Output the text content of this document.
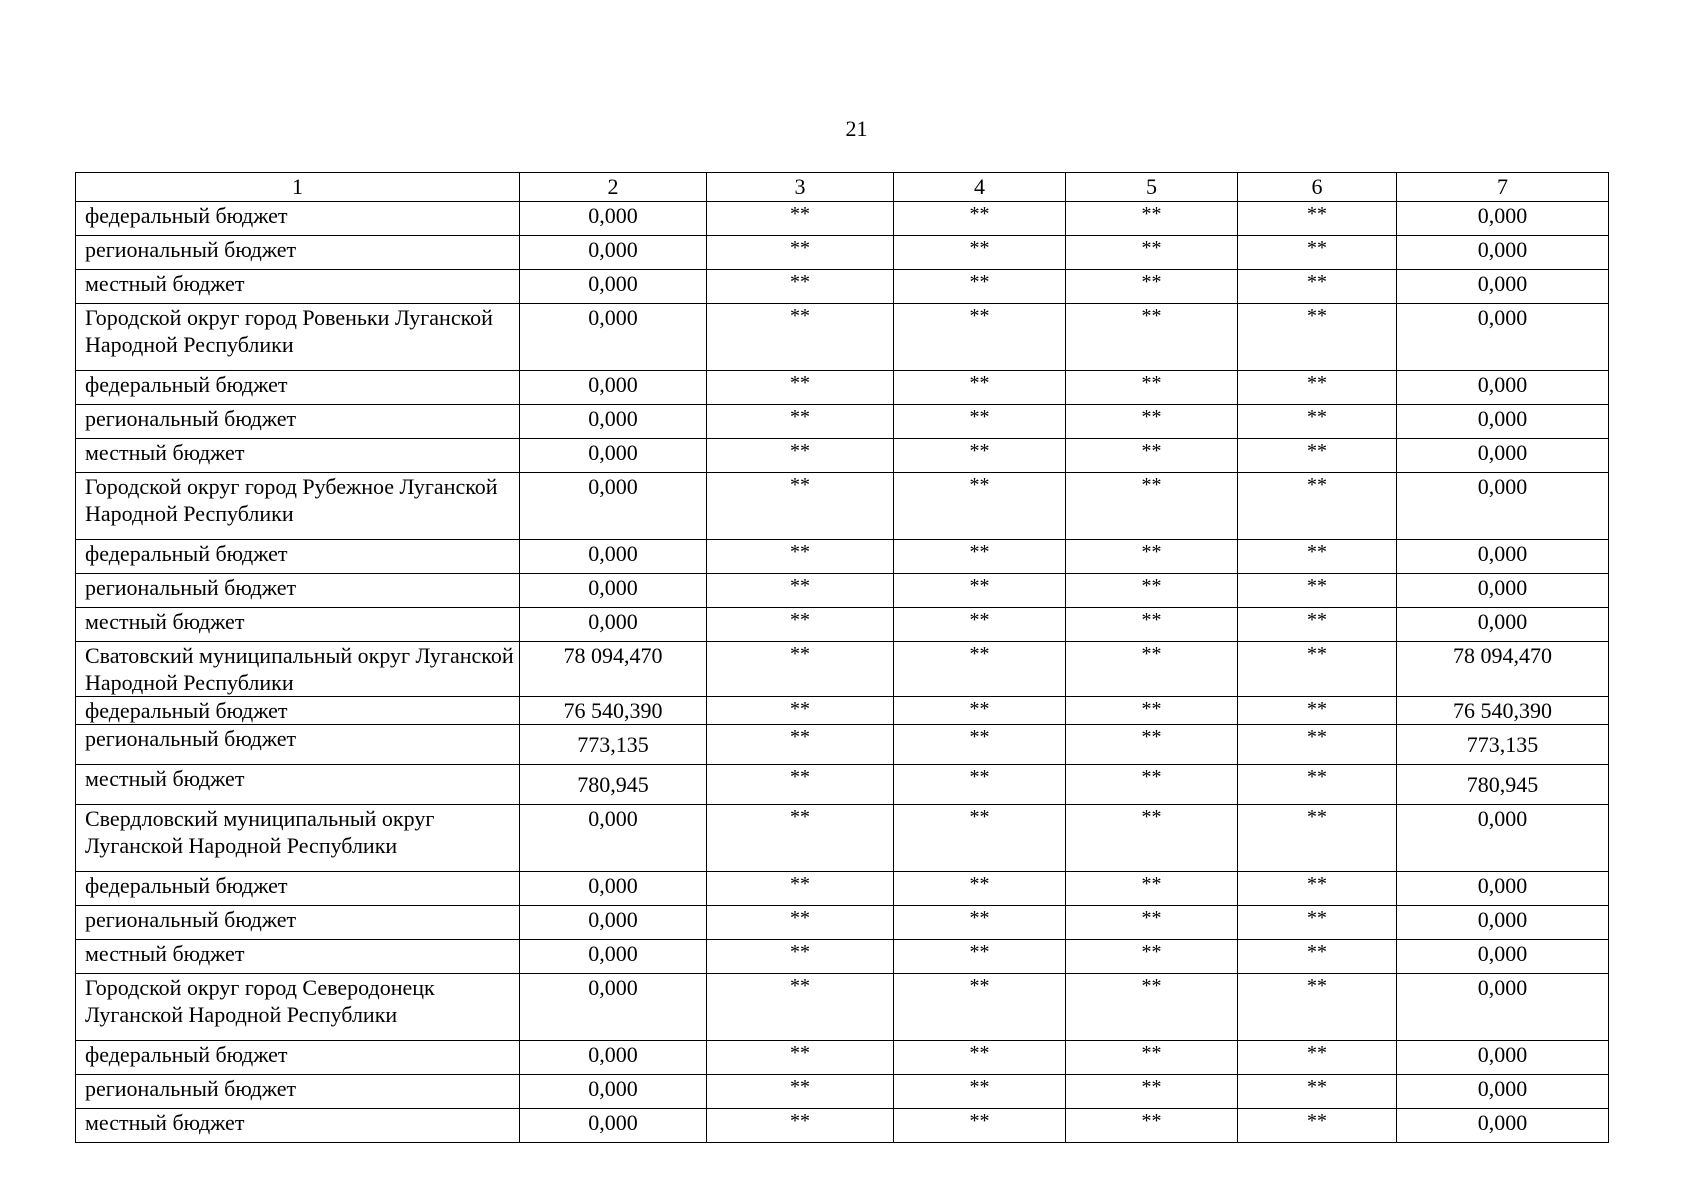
21
1	2	3	4	5	6	7
федеральный бюджет	0,000	**	**	**	**	0,000
региональный бюджет	0,000	**	**	**	**	0,000
местный бюджет	0,000	**	**	**	**	0,000
Городской округ город Ровеньки Луганской Народной Республики	0,000	**	**	**	**	0,000
федеральный бюджет	0,000	**	**	**	**	0,000
региональный бюджет	0,000	**	**	**	**	0,000
местный бюджет	0,000	**	**	**	**	0,000
Городской округ город Рубежное Луганской Народной Республики	0,000	**	**	**	**	0,000
федеральный бюджет	0,000	**	**	**	**	0,000
региональный бюджет	0,000	**	**	**	**	0,000
местный бюджет	0,000	**	**	**	**	0,000
Сватовский муниципальный округ Луганской Народной Республики	78 094,470	**	**	**	**	78 094,470
федеральный бюджет	76 540,390	**	**	**	**	76 540,390
региональный бюджет	773,135	**	**	**	**	773,135
местный бюджет	780,945	**	**	**	**	780,945
Свердловский муниципальный округ Луганской Народной Республики	0,000	**	**	**	**	0,000
федеральный бюджет	0,000	**	**	**	**	0,000
региональный бюджет	0,000	**	**	**	**	0,000
местный бюджет	0,000	**	**	**	**	0,000
Городской округ город Северодонецк Луганской Народной Республики	0,000	**	**	**	**	0,000
федеральный бюджет	0,000	**	**	**	**	0,000
региональный бюджет	0,000	**	**	**	**	0,000
местный бюджет	0,000	**	**	**	**	0,000
